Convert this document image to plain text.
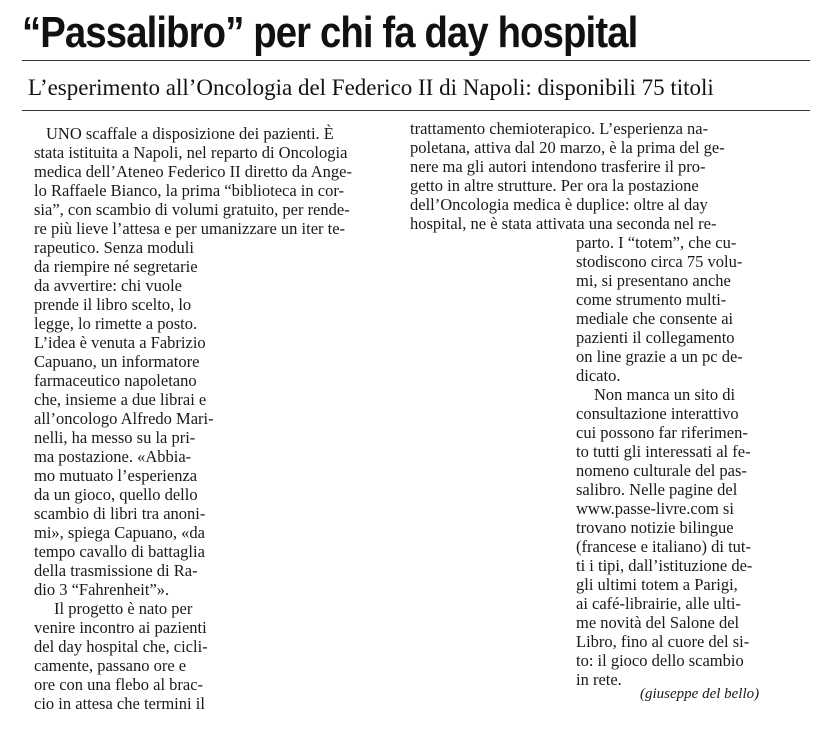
“Passalibro” per chi fa day hospital
L’esperimento all’Oncologia del Federico II di Napoli: disponibili 75 titoli
UNO scaffale a disposizione dei pazienti. È
stata istituita a Napoli, nel reparto di Oncologia
medica dell’Ateneo Federico II diretto da Ange-
lo Raffaele Bianco, la prima “biblioteca in cor-
sia”, con scambio di volumi gratuito, per rende-
re più lieve l’attesa e per umanizzare un iter te-
rapeutico. Senza moduli
da riempire né segretarie
da avvertire: chi vuole
prende il libro scelto, lo
legge, lo rimette a posto.
L’idea è venuta a Fabrizio
Capuano, un informatore
farmaceutico napoletano
che, insieme a due librai e
all’oncologo Alfredo Mari-
nelli, ha messo su la pri-
ma postazione. «Abbia-
mo mutuato l’esperienza
da un gioco, quello dello
scambio di libri tra anoni-
mi», spiega Capuano, «da
tempo cavallo di battaglia
della trasmissione di Ra-
dio 3 “Fahrenheit”».
Il progetto è nato per
venire incontro ai pazienti
del day hospital che, cicli-
camente, passano ore e
ore con una flebo al brac-
cio in attesa che termini il
trattamento chemioterapico. L’esperienza na-
poletana, attiva dal 20 marzo, è la prima del ge-
nere ma gli autori intendono trasferire il pro-
getto in altre strutture. Per ora la postazione
dell’Oncologia medica è duplice: oltre al day
hospital, ne è stata attivata una seconda nel re-
parto. I “totem”, che cu-
stodiscono circa 75 volu-
mi, si presentano anche
come strumento multi-
mediale che consente ai
pazienti il collegamento
on line grazie a un pc de-
dicato.
Non manca un sito di
consultazione interattivo
cui possono far riferimen-
to tutti gli interessati al fe-
nomeno culturale del pas-
salibro. Nelle pagine del
www.passe-livre.com si
trovano notizie bilingue
(francese e italiano) di tut-
ti i tipi, dall’istituzione de-
gli ultimi totem a Parigi,
ai café-librairie, alle ulti-
me novità del Salone del
Libro, fino al cuore del si-
to: il gioco dello scambio
in rete.
(giuseppe del bello)
